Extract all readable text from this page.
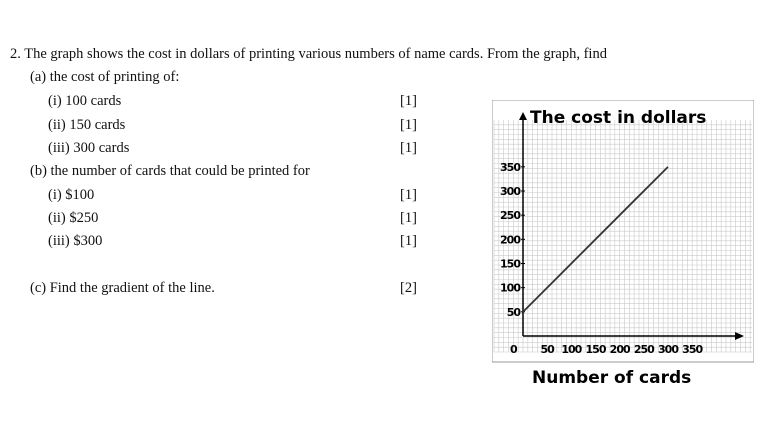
2. The graph shows the cost in dollars of printing various numbers of name cards. From the graph, find
(a) the cost of printing of:
(i) 100 cards	[1]
(ii) 150 cards	[1]
(iii) 300 cards	[1]
(b) the number of cards that could be printed for
(i) $100	[1]
(ii) $250	[1]
(iii) $300	[1]
(c) Find the gradient of the line.	[2]
The cost in dollars
Number of cards
50
100
150
200
250
300
350
0 50 100 150 200 250 300 350
